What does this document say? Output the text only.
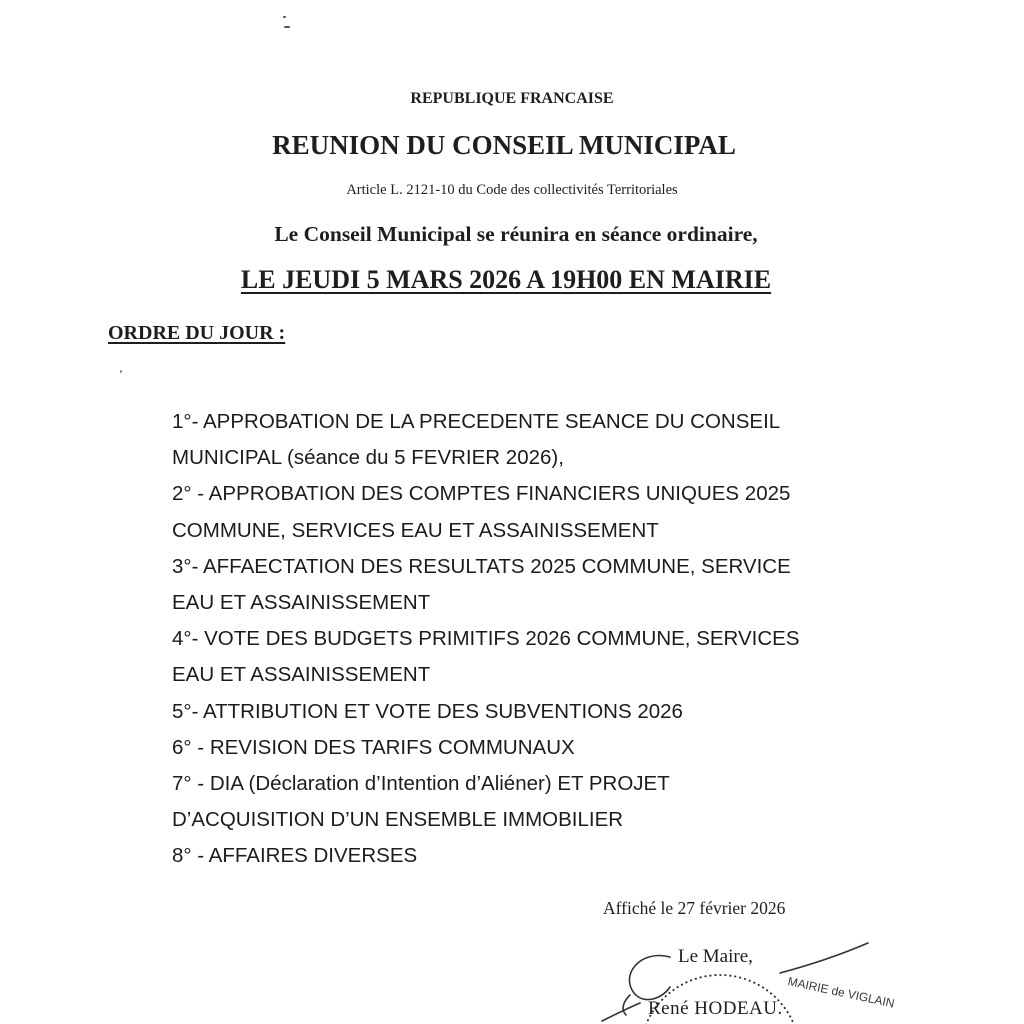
REPUBLIQUE FRANCAISE
REUNION DU CONSEIL MUNICIPAL
Article L. 2121-10 du Code des collectivités Territoriales
Le Conseil Municipal se réunira en séance ordinaire,
LE JEUDI 5 MARS 2026 A 19H00 EN MAIRIE
ORDRE DU JOUR :
1°- APPROBATION DE LA PRECEDENTE SEANCE DU CONSEIL
MUNICIPAL (séance du 5 FEVRIER 2026),
2° - APPROBATION DES COMPTES FINANCIERS UNIQUES 2025
COMMUNE, SERVICES EAU ET ASSAINISSEMENT
3°- AFFAECTATION DES RESULTATS 2025 COMMUNE, SERVICE
EAU ET ASSAINISSEMENT
4°- VOTE DES BUDGETS PRIMITIFS 2026 COMMUNE, SERVICES
EAU ET ASSAINISSEMENT
5°- ATTRIBUTION ET VOTE DES SUBVENTIONS 2026
6° - REVISION DES TARIFS COMMUNAUX
7° - DIA (Déclaration d’Intention d’Aliéner) ET PROJET
D’ACQUISITION D’UN ENSEMBLE IMMOBILIER
8° - AFFAIRES DIVERSES
Affiché le 27 février 2026
MAIRIE de VIGLAIN
Le Maire,
René HODEAU.
